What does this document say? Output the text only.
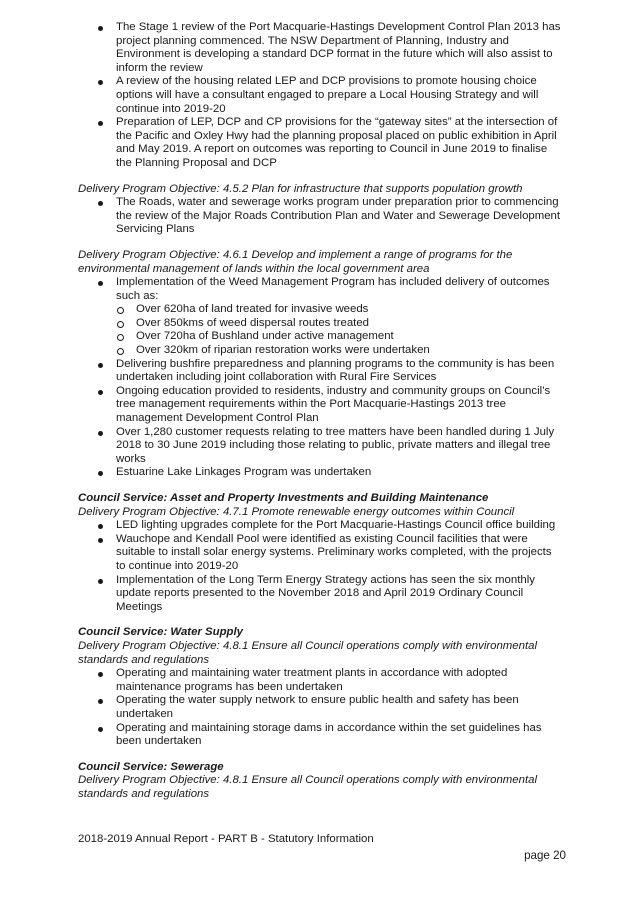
The Stage 1 review of the Port Macquarie-Hastings Development Control Plan 2013 has project planning commenced. The NSW Department of Planning, Industry and Environment is developing a standard DCP format in the future which will also assist to inform the review
A review of the housing related LEP and DCP provisions to promote housing choice options will have a consultant engaged to prepare a Local Housing Strategy and will continue into 2019-20
Preparation of LEP, DCP and CP provisions for the “gateway sites” at the intersection of the Pacific and Oxley Hwy had the planning proposal placed on public exhibition in April and May 2019. A report on outcomes was reporting to Council in June 2019 to finalise the Planning Proposal and DCP

Delivery Program Objective: 4.5.2 Plan for infrastructure that supports population growth

The Roads, water and sewerage works program under preparation prior to commencing the review of the Major Roads Contribution Plan and Water and Sewerage Development Servicing Plans

Delivery Program Objective: 4.6.1 Develop and implement a range of programs for the environmental management of lands within the local government area

Implementation of the Weed Management Program has included delivery of outcomes such as:
Over 620ha of land treated for invasive weeds
Over 850kms of weed dispersal routes treated
Over 720ha of Bushland under active management
Over 320km of riparian restoration works were undertaken
Delivering bushfire preparedness and planning programs to the community is has been undertaken including joint collaboration with Rural Fire Services
Ongoing education provided to residents, industry and community groups on Council’s tree management requirements within the Port Macquarie-Hastings 2013 tree management Development Control Plan
Over 1,280 customer requests relating to tree matters have been handled during 1 July 2018 to 30 June 2019 including those relating to public, private matters and illegal tree works
Estuarine Lake Linkages Program was undertaken

Council Service: Asset and Property Investments and Building Maintenance

Delivery Program Objective: 4.7.1 Promote renewable energy outcomes within Council

LED lighting upgrades complete for the Port Macquarie-Hastings Council office building
Wauchope and Kendall Pool were identified as existing Council facilities that were suitable to install solar energy systems. Preliminary works completed, with the projects to continue into 2019-20
Implementation of the Long Term Energy Strategy actions has seen the six monthly update reports presented to the November 2018 and April 2019 Ordinary Council Meetings

Council Service: Water Supply

Delivery Program Objective: 4.8.1 Ensure all Council operations comply with environmental standards and regulations

Operating and maintaining water treatment plants in accordance with adopted maintenance programs has been undertaken
Operating the water supply network to ensure public health and safety has been undertaken
Operating and maintaining storage dams in accordance within the set guidelines has been undertaken

Council Service: Sewerage

Delivery Program Objective: 4.8.1 Ensure all Council operations comply with environmental standards and regulations

2018-2019 Annual Report - PART B - Statutory Information
page 20
